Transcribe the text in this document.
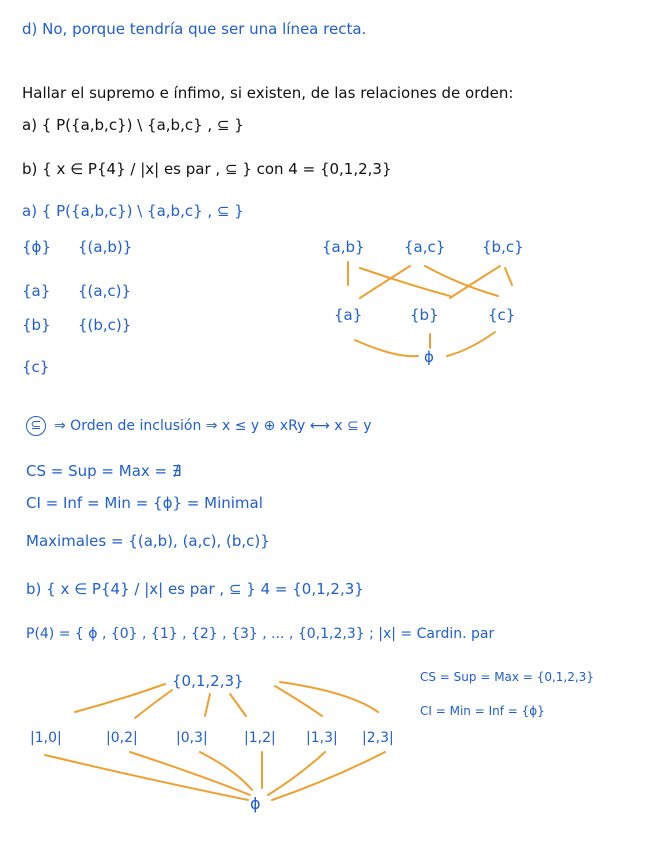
d) No, porque tendría que ser una línea recta.
Hallar el supremo e ínfimo, si existen, de las relaciones de orden:
a) { P({a,b,c}) \ {a,b,c} , ⊆ }
b) { x ∈ P{4} / |x| es par , ⊆ } con 4 = {0,1,2,3}
a) { P({a,b,c}) \ {a,b,c} , ⊆ }
{ϕ}
{a}
{b}
{c}
{(a,b)}
{(a,c)}
{(b,c)}
{a,b}	{a,c} {b,c}
{a}	{b}	{c}
ϕ
⊆ ⇒ Orden de inclusión ⇒ x ≤ y ⊕ xRy ⟷ x ⊆ y
CS = Sup = Max = ∄
CI = Inf = Min = {ϕ} = Minimal
Maximales = {(a,b), (a,c), (b,c)}
b) { x ∈ P{4} / |x| es par , ⊆ } 4 = {0,1,2,3}
P(4) = { ϕ , {0} , {1} , {2} , {3} , ... , {0,1,2,3} ; |x| = Cardin. par
{0,1,2,3}
|1,0|	|0,2|	|0,3|	|1,2| |1,3| |2,3|
ϕ
CS = Sup = Max = {0,1,2,3}
CI = Min = Inf = {ϕ}
